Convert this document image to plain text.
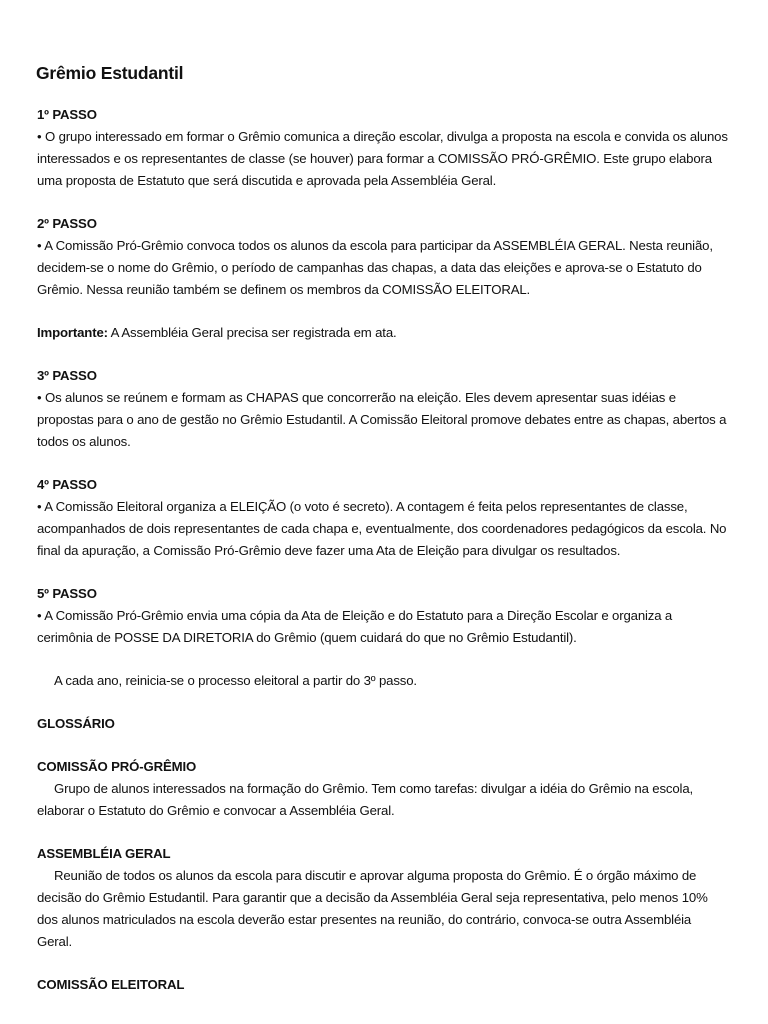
Grêmio Estudantil
1º PASSO

• O grupo interessado em formar o Grêmio comunica a direção escolar, divulga a proposta na escola e convida os alunos interessados e os representantes de classe (se houver) para formar a COMISSÃO PRÓ-GRÊMIO. Este grupo elabora uma proposta de Estatuto que será discutida e aprovada pela Assembléia Geral.

2º PASSO

• A Comissão Pró-Grêmio convoca todos os alunos da escola para participar da ASSEMBLÉIA GERAL. Nesta reunião, decidem-se o nome do Grêmio, o período de campanhas das chapas, a data das eleições e aprova-se o Estatuto do Grêmio. Nessa reunião também se definem os membros da COMISSÃO ELEITORAL.

Importante: A Assembléia Geral precisa ser registrada em ata.

3º PASSO

• Os alunos se reúnem e formam as CHAPAS que concorrerão na eleição. Eles devem apresentar suas idéias e propostas para o ano de gestão no Grêmio Estudantil. A Comissão Eleitoral promove debates entre as chapas, abertos a todos os alunos.

4º PASSO

• A Comissão Eleitoral organiza a ELEIÇÃO (o voto é secreto). A contagem é feita pelos representantes de classe, acompanhados de dois representantes de cada chapa e, eventualmente, dos coordenadores pedagógicos da escola. No final da apuração, a Comissão Pró-Grêmio deve fazer uma Ata de Eleição para divulgar os resultados.

5º PASSO

• A Comissão Pró-Grêmio envia uma cópia da Ata de Eleição e do Estatuto para a Direção Escolar e organiza a cerimônia de POSSE DA DIRETORIA do Grêmio (quem cuidará do que no Grêmio Estudantil).

A cada ano, reinicia-se o processo eleitoral a partir do 3º passo.

GLOSSÁRIO
COMISSÃO PRÓ-GRÊMIO

Grupo de alunos interessados na formação do Grêmio. Tem como tarefas: divulgar a idéia do Grêmio na escola, elaborar o Estatuto do Grêmio e convocar a Assembléia Geral.

ASSEMBLÉIA GERAL

Reunião de todos os alunos da escola para discutir e aprovar alguma proposta do Grêmio. É o órgão máximo de decisão do Grêmio Estudantil. Para garantir que a decisão da Assembléia Geral seja representativa, pelo menos 10% dos alunos matriculados na escola deverão estar presentes na reunião, do contrário, convoca-se outra Assembléia Geral.

COMISSÃO ELEITORAL
